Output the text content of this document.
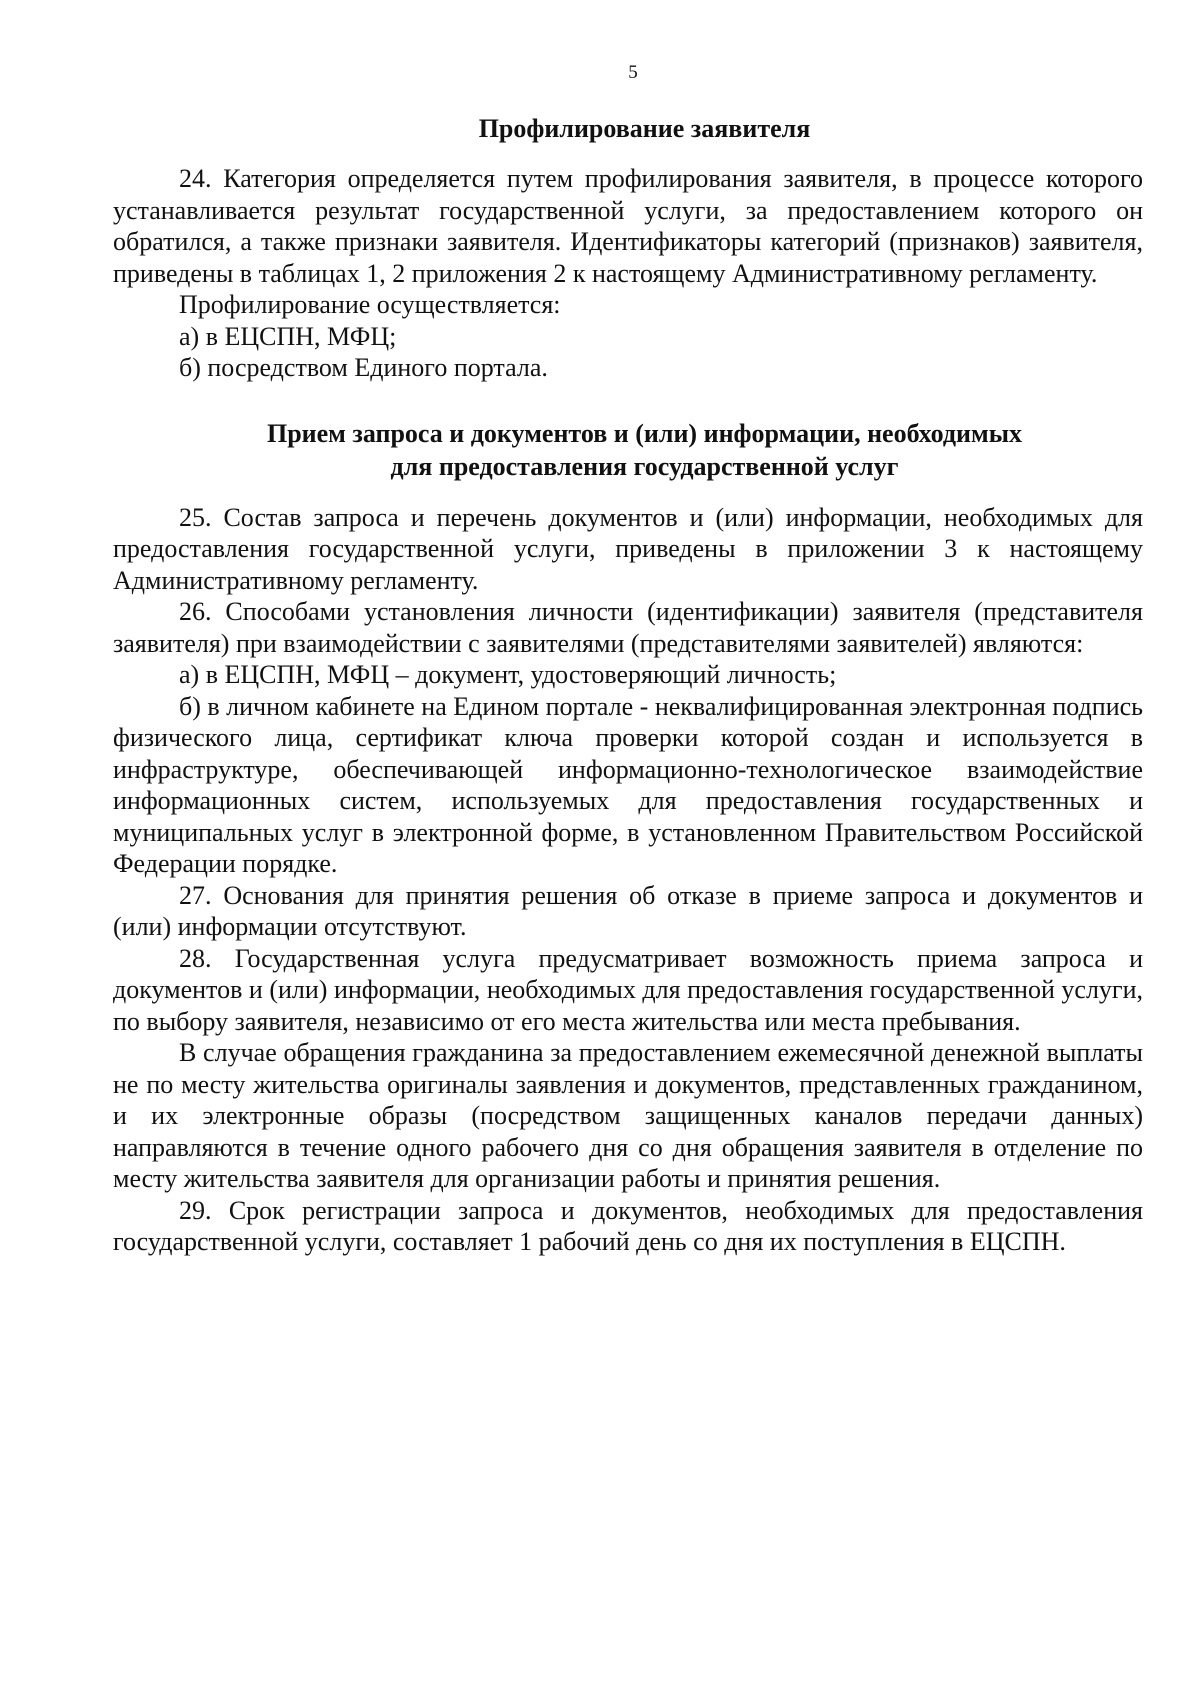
5
Профилирование заявителя

24. Категория определяется путем профилирования заявителя, в процессе которого устанавливается результат государственной услуги, за предоставлением которого он обратился, а также признаки заявителя. Идентификаторы категорий (признаков) заявителя, приведены в таблицах 1, 2 приложения 2 к настоящему Административному регламенту.

Профилирование осуществляется:

а) в ЕЦСПН, МФЦ;

б) посредством Единого портала.

Прием запроса и документов и (или) информации, необходимых
для предоставления государственной услуг

25. Состав запроса и перечень документов и (или) информации, необходимых для предоставления государственной услуги, приведены в приложении 3 к настоящему Административному регламенту.

26. Способами установления личности (идентификации) заявителя (представителя заявителя) при взаимодействии с заявителями (представителями заявителей) являются:

а) в ЕЦСПН, МФЦ – документ, удостоверяющий личность;

б) в личном кабинете на Едином портале - неквалифицированная электронная подпись физического лица, сертификат ключа проверки которой создан и используется в инфраструктуре, обеспечивающей информационно-технологическое взаимодействие информационных систем, используемых для предоставления государственных и муниципальных услуг в электронной форме, в установленном Правительством Российской Федерации порядке.

27. Основания для принятия решения об отказе в приеме запроса и документов и (или) информации отсутствуют.

28. Государственная услуга предусматривает возможность приема запроса и документов и (или) информации, необходимых для предоставления государственной услуги, по выбору заявителя, независимо от его места жительства или места пребывания.

В случае обращения гражданина за предоставлением ежемесячной денежной выплаты не по месту жительства оригиналы заявления и документов, представленных гражданином, и их электронные образы (посредством защищенных каналов передачи данных) направляются в течение одного рабочего дня со дня обращения заявителя в отделение по месту жительства заявителя для организации работы и принятия решения.

29. Срок регистрации запроса и документов, необходимых для предоставления государственной услуги, составляет 1 рабочий день со дня их поступления в ЕЦСПН.
